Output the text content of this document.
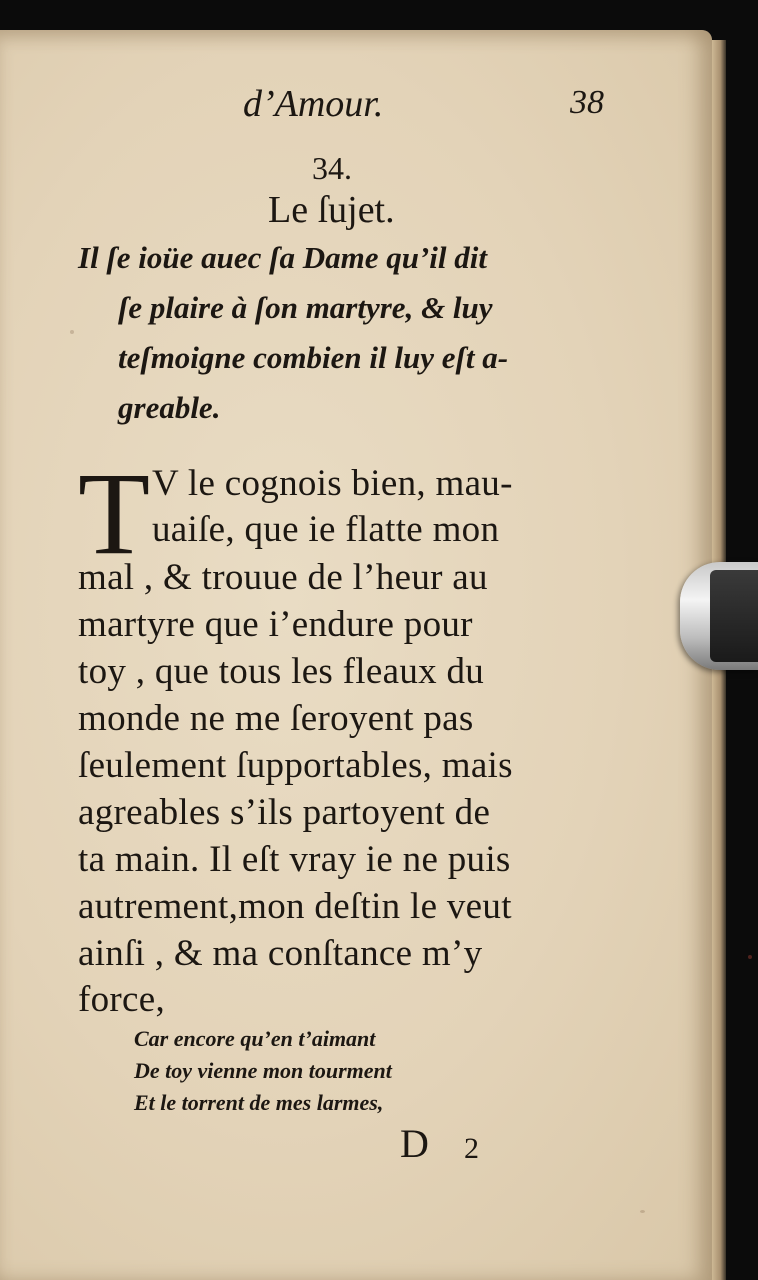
d’Amour.	38
34.
Le ſujet.
Il ſe ioüe auec ſa Dame qu’il dit
ſe plaire à ſon martyre, & luy
teſmoigne combien il luy eſt a-
greable.
T V le cognois bien, mau-
uaiſe, que ie flatte mon
mal , & trouue de l’heur au
martyre que i’endure pour
toy , que tous les fleaux du
monde ne me ſeroyent pas
ſeulement ſupportables, mais
agreables s’ils partoyent de
ta main. Il eſt vray ie ne puis
autrement,mon deſtin le veut
ainſi , & ma conſtance m’y
force,
Car encore qu’en t’aimant
De toy vienne mon tourment
Et le torrent de mes larmes,
D 2
